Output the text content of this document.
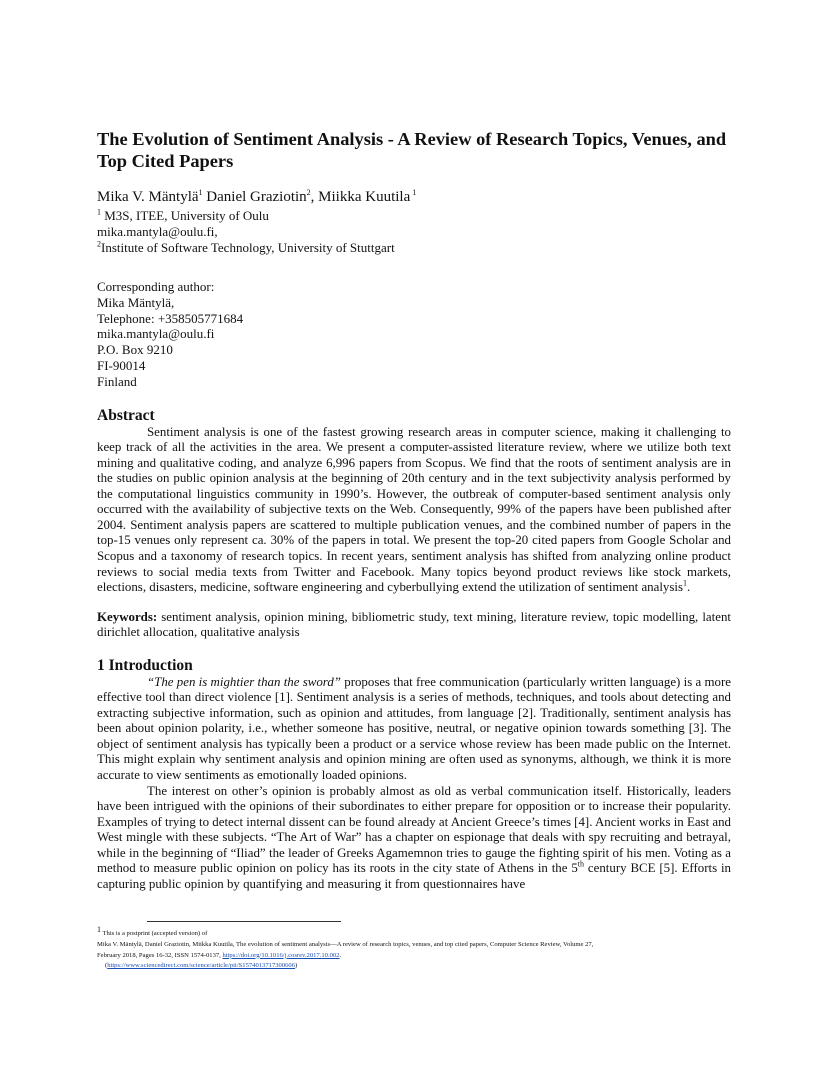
The Evolution of Sentiment Analysis - A Review of Research Topics, Venues, and Top Cited Papers
Mika V. Mäntylä$^1$ Daniel Graziotin$^2$, Miikka Kuutila $^1$
$^1$ M3S, ITEE, University of Oulu
mika.mantyla@oulu.fi,
$^2$Institute of Software Technology, University of Stuttgart
Corresponding author:
Mika Mäntylä,
Telephone: +358505771684
mika.mantyla@oulu.fi
P.O. Box 9210
FI-90014
Finland
Abstract

Sentiment analysis is one of the fastest growing research areas in computer science, making it challenging to keep track of all the activities in the area. We present a computer-assisted literature review, where we utilize both text mining and qualitative coding, and analyze 6,996 papers from Scopus. We find that the roots of sentiment analysis are in the studies on public opinion analysis at the beginning of 20th century and in the text subjectivity analysis performed by the computational linguistics community in 1990’s. However, the outbreak of computer-based sentiment analysis only occurred with the availability of subjective texts on the Web. Consequently, 99% of the papers have been published after 2004. Sentiment analysis papers are scattered to multiple publication venues, and the combined number of papers in the top-15 venues only represent ca. 30% of the papers in total. We present the top-20 cited papers from Google Scholar and Scopus and a taxonomy of research topics. In recent years, sentiment analysis has shifted from analyzing online product reviews to social media texts from Twitter and Facebook. Many topics beyond product reviews like stock markets, elections, disasters, medicine, software engineering and cyberbullying extend the utilization of sentiment analysis$^1$.

Keywords: sentiment analysis, opinion mining, bibliometric study, text mining, literature review, topic modelling, latent dirichlet allocation, qualitative analysis

1 Introduction

“The pen is mightier than the sword” proposes that free communication (particularly written language) is a more effective tool than direct violence [1]. Sentiment analysis is a series of methods, techniques, and tools about detecting and extracting subjective information, such as opinion and attitudes, from language [2]. Traditionally, sentiment analysis has been about opinion polarity, i.e., whether someone has positive, neutral, or negative opinion towards something [3]. The object of sentiment analysis has typically been a product or a service whose review has been made public on the Internet. This might explain why sentiment analysis and opinion mining are often used as synonyms, although, we think it is more accurate to view sentiments as emotionally loaded opinions.

The interest on other’s opinion is probably almost as old as verbal communication itself. Historically, leaders have been intrigued with the opinions of their subordinates to either prepare for opposition or to increase their popularity. Examples of trying to detect internal dissent can be found already at Ancient Greece’s times [4]. Ancient works in East and West mingle with these subjects. “The Art of War” has a chapter on espionage that deals with spy recruiting and betrayal, while in the beginning of “Iliad” the leader of Greeks Agamemnon tries to gauge the fighting spirit of his men. Voting as a method to measure public opinion on policy has its roots in the city state of Athens in the 5th century BCE [5]. Efforts in capturing public opinion by quantifying and measuring it from questionnaires have

$^1$ This is a postprint (accepted version) of
Mika V. Mäntylä, Daniel Graziotin, Miikka Kuutila, The evolution of sentiment analysis—A review of research topics, venues, and top cited papers, Computer Science Review, Volume 27,
February 2018, Pages 16-32, ISSN 1574-0137, https://doi.org/10.1016/j.cosrev.2017.10.002.
(https://www.sciencedirect.com/science/article/pii/S1574013717300606)
